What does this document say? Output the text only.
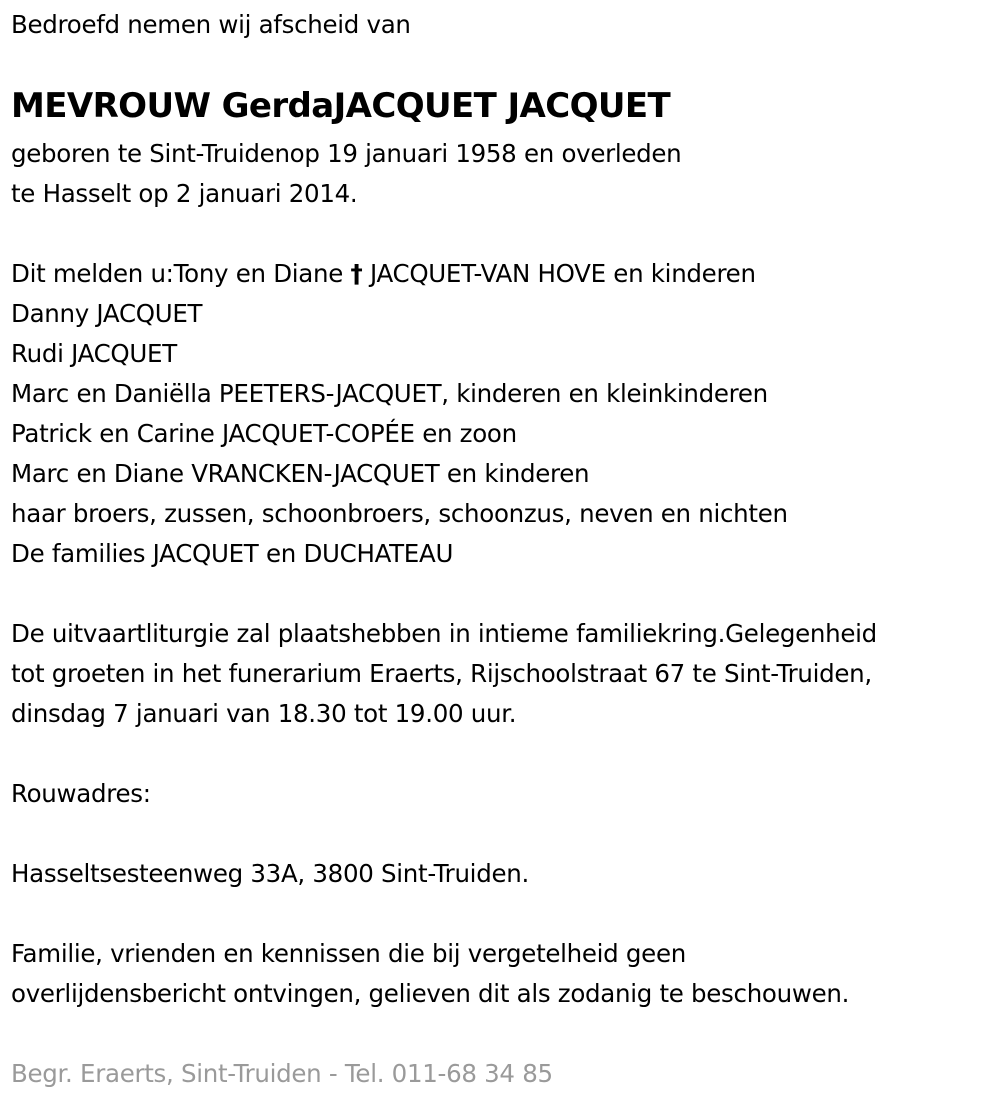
Bedroefd nemen wij afscheid van
MEVROUW GerdaJACQUET JACQUET
geboren te Sint-Truidenop 19 januari 1958 en overleden
te Hasselt op 2 januari 2014.
Dit melden u:Tony en Diane † JACQUET-VAN HOVE en kinderen
Danny JACQUET
Rudi JACQUET
Marc en Daniëlla PEETERS-JACQUET, kinderen en kleinkinderen
Patrick en Carine JACQUET-COPÉE en zoon
Marc en Diane VRANCKEN-JACQUET en kinderen
haar broers, zussen, schoonbroers, schoonzus, neven en nichten
De families JACQUET en DUCHATEAU
De uitvaartliturgie zal plaatshebben in intieme familiekring.Gelegenheid
tot groeten in het funerarium Eraerts, Rijschoolstraat 67 te Sint-Truiden,
dinsdag 7 januari van 18.30 tot 19.00 uur.
Rouwadres:
Hasseltsesteenweg 33A, 3800 Sint-Truiden.
Familie, vrienden en kennissen die bij vergetelheid geen
overlijdensbericht ontvingen, gelieven dit als zodanig te beschouwen.
Begr. Eraerts, Sint-Truiden - Tel. 011-68 34 85
